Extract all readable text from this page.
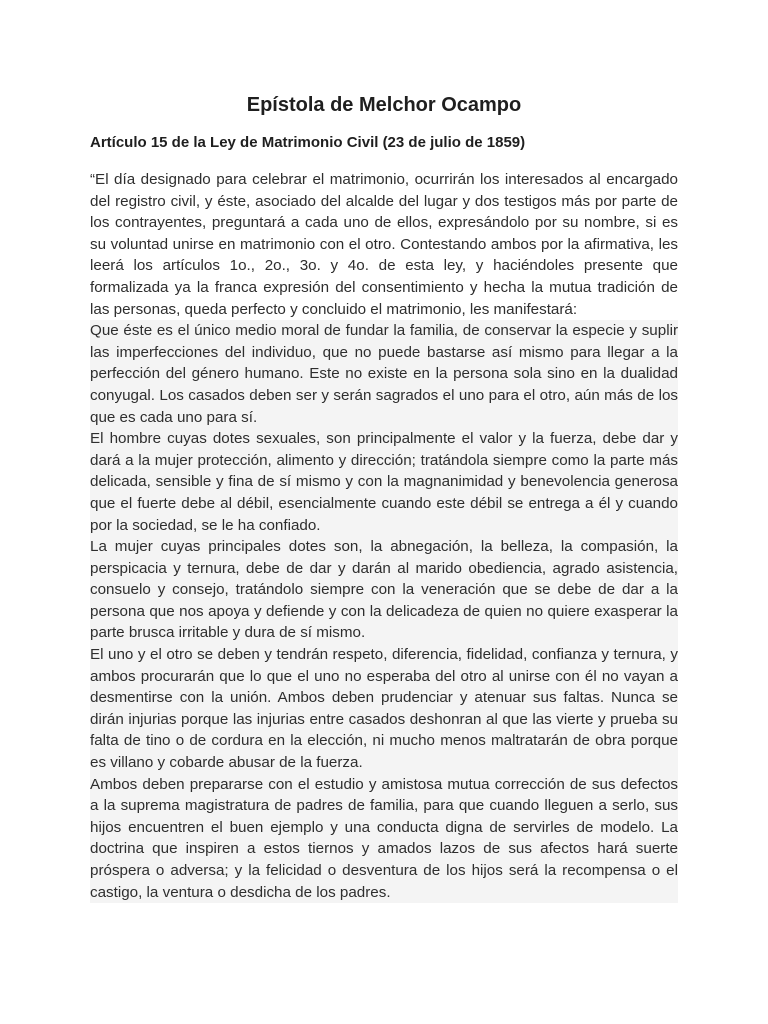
Epístola de Melchor Ocampo
Artículo 15 de la Ley de Matrimonio Civil (23 de julio de 1859)

“El día designado para celebrar el matrimonio, ocurrirán los interesados al encargado del registro civil, y éste, asociado del alcalde del lugar y dos testigos más por parte de los contrayentes, preguntará a cada uno de ellos, expresándolo por su nombre, si es su voluntad unirse en matrimonio con el otro. Contestando ambos por la afirmativa, les leerá los artículos 1o., 2o., 3o. y 4o. de esta ley, y haciéndoles presente que formalizada ya la franca expresión del consentimiento y hecha la mutua tradición de las personas, queda perfecto y concluido el matrimonio, les manifestará:

Que éste es el único medio moral de fundar la familia, de conservar la especie y suplir las imperfecciones del individuo, que no puede bastarse así mismo para llegar a la perfección del género humano. Este no existe en la persona sola sino en la dualidad conyugal. Los casados deben ser y serán sagrados el uno para el otro, aún más de los que es cada uno para sí.

El hombre cuyas dotes sexuales, son principalmente el valor y la fuerza, debe dar y dará a la mujer protección, alimento y dirección; tratándola siempre como la parte más delicada, sensible y fina de sí mismo y con la magnanimidad y benevolencia generosa que el fuerte debe al débil, esencialmente cuando este débil se entrega a él y cuando por la sociedad, se le ha confiado.

La mujer cuyas principales dotes son, la abnegación, la belleza, la compasión, la perspicacia y ternura, debe de dar y darán al marido obediencia, agrado asistencia, consuelo y consejo, tratándolo siempre con la veneración que se debe de dar a la persona que nos apoya y defiende y con la delicadeza de quien no quiere exasperar la parte brusca irritable y dura de sí mismo.

El uno y el otro se deben y tendrán respeto, diferencia, fidelidad, confianza y ternura, y ambos procurarán que lo que el uno no esperaba del otro al unirse con él no vayan a desmentirse con la unión. Ambos deben prudenciar y atenuar sus faltas. Nunca se dirán injurias porque las injurias entre casados deshonran al que las vierte y prueba su falta de tino o de cordura en la elección, ni mucho menos maltratarán de obra porque es villano y cobarde abusar de la fuerza.

Ambos deben prepararse con el estudio y amistosa mutua corrección de sus defectos a la suprema magistratura de padres de familia, para que cuando lleguen a serlo, sus hijos encuentren el buen ejemplo y una conducta digna de servirles de modelo. La doctrina que inspiren a estos tiernos y amados lazos de sus afectos hará suerte próspera o adversa; y la felicidad o desventura de los hijos será la recompensa o el castigo, la ventura o desdicha de los padres.
